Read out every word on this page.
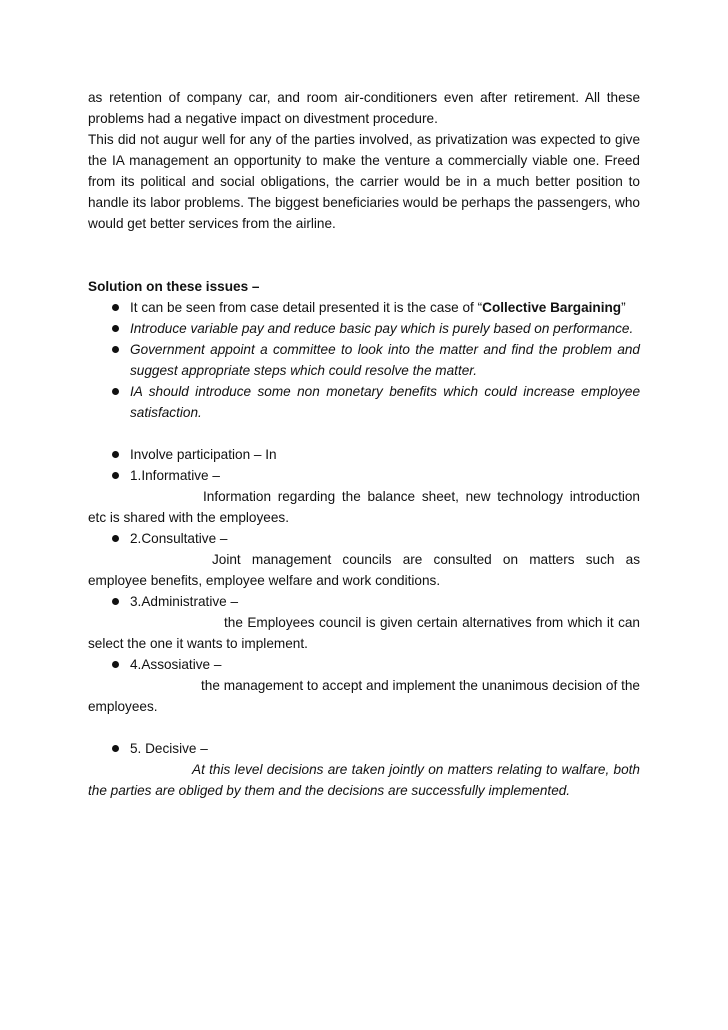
as retention of company car, and room air-conditioners even after retirement. All these problems had a negative impact on divestment procedure.

This did not augur well for any of the parties involved, as privatization was expected to give the IA management an opportunity to make the venture a commercially viable one. Freed from its political and social obligations, the carrier would be in a much better position to handle its labor problems. The biggest beneficiaries would be perhaps the passengers, who would get better services from the airline.

Solution on these issues –

It can be seen from case detail presented it is the case of “Collective Bargaining”
Introduce variable pay and reduce basic pay which is purely based on performance.
Government appoint a committee to look into the matter and find the problem and suggest appropriate steps which could resolve the matter.
IA should introduce some non monetary benefits which could increase employee satisfaction.
Involve participation – In
1.Informative –

Information regarding the balance sheet, new technology introduction etc is shared with the employees.

2.Consultative –

Joint management councils are consulted on matters such as employee benefits, employee welfare and work conditions.

3.Administrative –

the Employees council is given certain alternatives from which it can select the one it wants to implement.

4.Assosiative –

the management to accept and implement the unanimous decision of the employees.

5. Decisive –

At this level decisions are taken jointly on matters relating to walfare, both the parties are obliged by them and the decisions are successfully implemented.
